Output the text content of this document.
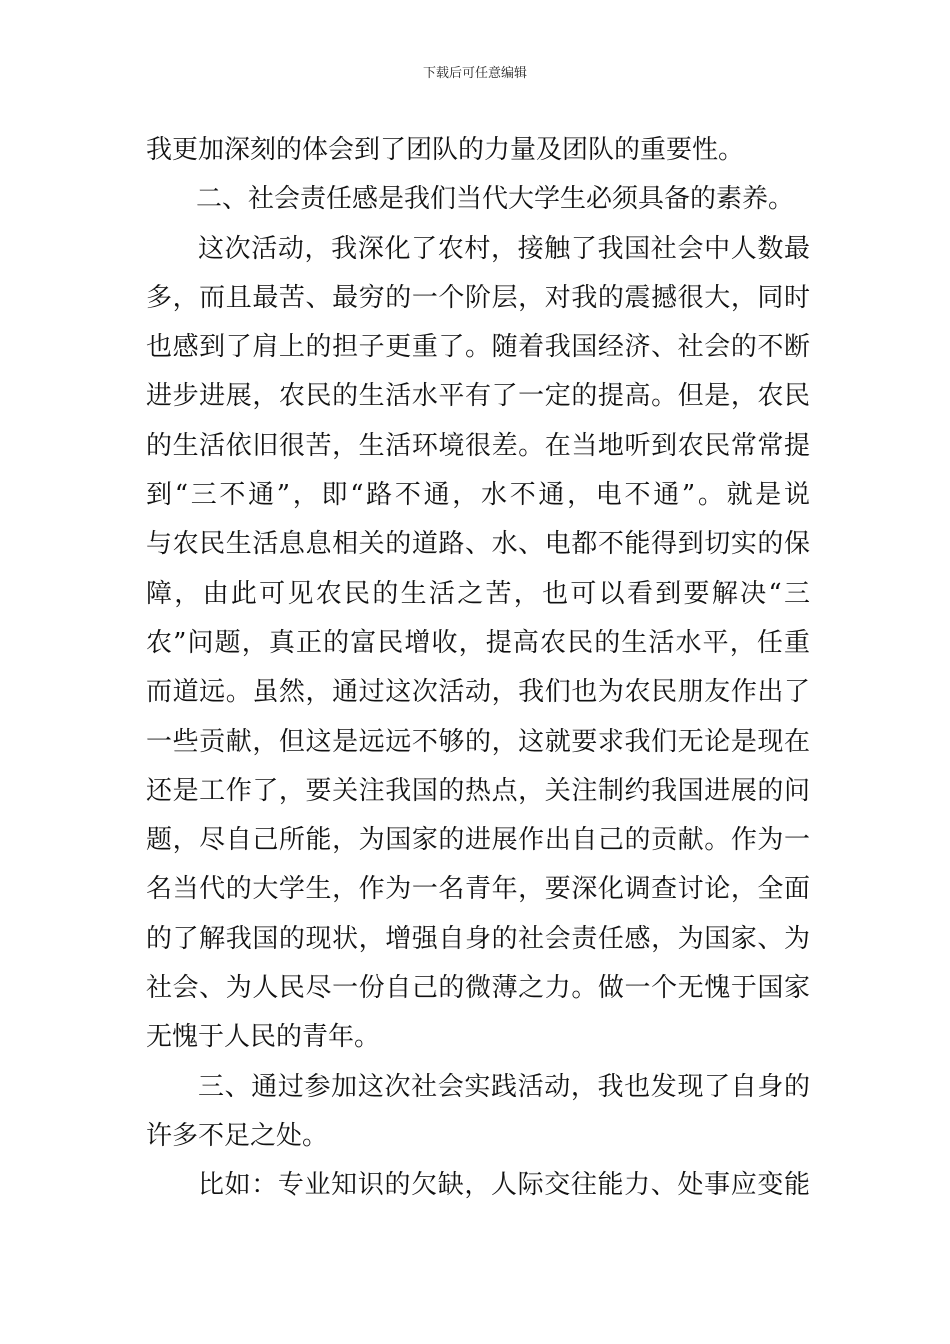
下载后可任意编辑
我更加深刻的体会到了团队的力量及团队的重要性。
二、社会责任感是我们当代大学生必须具备的素养。
这次活动，我深化了农村，接触了我国社会中人数最
多，而且最苦、最穷的一个阶层，对我的震撼很大，同时
也感到了肩上的担子更重了。随着我国经济、社会的不断
进步进展，农民的生活水平有了一定的提高。但是，农民
的生活依旧很苦，生活环境很差。在当地听到农民常常提
到“三不通”，即“路不通，水不通，电不通”。就是说
与农民生活息息相关的道路、水、电都不能得到切实的保
障，由此可见农民的生活之苦，也可以看到要解决“三
农”问题，真正的富民增收，提高农民的生活水平，任重
而道远。虽然，通过这次活动，我们也为农民朋友作出了
一些贡献，但这是远远不够的，这就要求我们无论是现在
还是工作了，要关注我国的热点，关注制约我国进展的问
题，尽自己所能，为国家的进展作出自己的贡献。作为一
名当代的大学生，作为一名青年，要深化调查讨论，全面
的了解我国的现状，增强自身的社会责任感，为国家、为
社会、为人民尽一份自己的微薄之力。做一个无愧于国家
无愧于人民的青年。
三、通过参加这次社会实践活动，我也发现了自身的
许多不足之处。
比如：专业知识的欠缺，人际交往能力、处事应变能
